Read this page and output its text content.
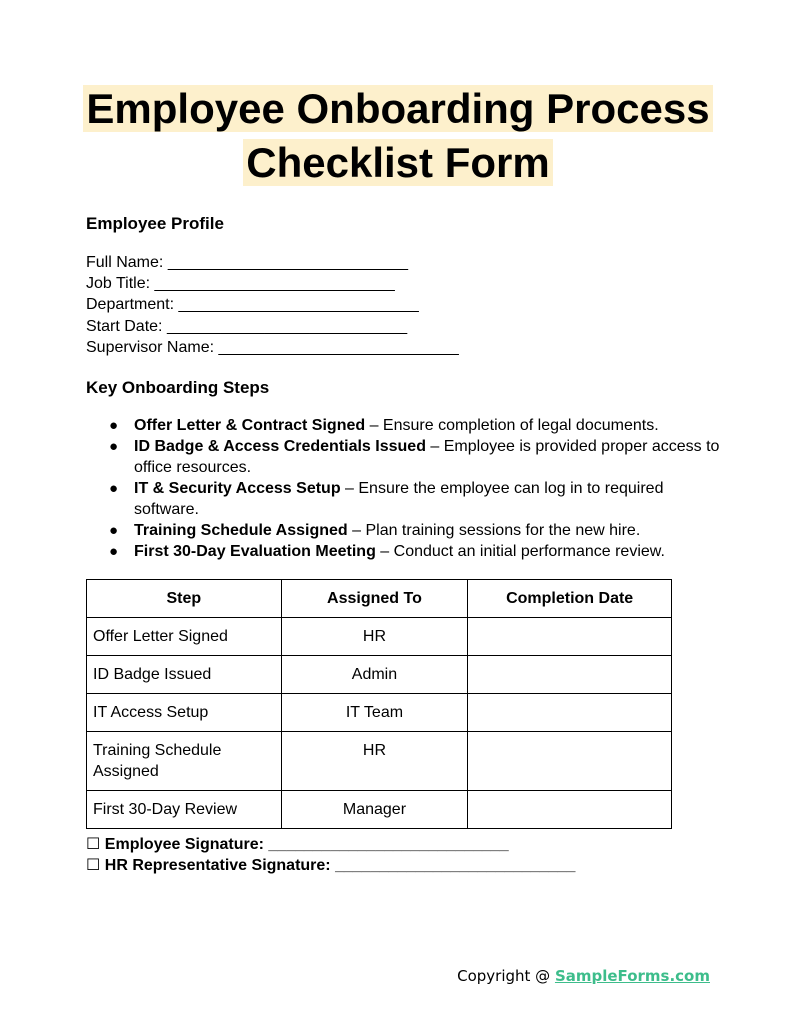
Employee Onboarding Process
Checklist Form
Employee Profile
Full Name: ___________________________
Job Title: ___________________________
Department: ___________________________
Start Date: ___________________________
Supervisor Name: ___________________________
Key Onboarding Steps
● Offer Letter & Contract Signed – Ensure completion of legal documents.
● ID Badge & Access Credentials Issued – Employee is provided proper access to office resources.
● IT & Security Access Setup – Ensure the employee can log in to required software.
● Training Schedule Assigned – Plan training sessions for the new hire.
● First 30-Day Evaluation Meeting – Conduct an initial performance review.
Step	Assigned To	Completion Date
Offer Letter Signed	HR	
ID Badge Issued	Admin	
IT Access Setup	IT Team	
Training Schedule Assigned	HR	
First 30-Day Review	Manager	
☐ Employee Signature: ___________________________
☐ HR Representative Signature: ___________________________
Copyright @ SampleForms.com
